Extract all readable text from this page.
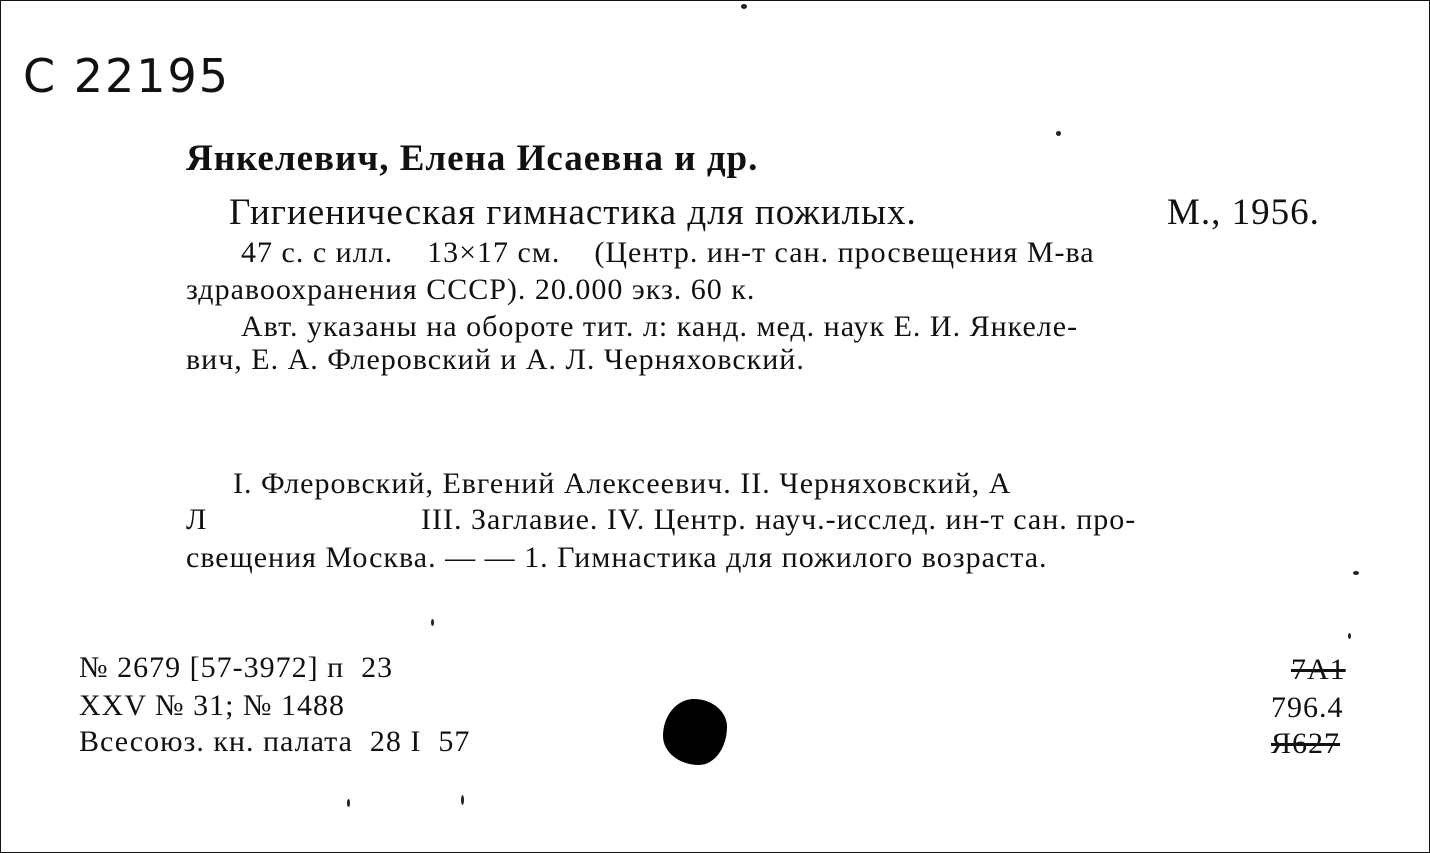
С 22195
Янкелевич, Елена Исаевна и др.
Гигиеническая гимнастика для пожилых.	М., 1956.
47 с. с илл.    13×17 см.    (Центр. ин-т сан. просвещения М-ва
здравоохранения СССР). 20.000 экз. 60 к.
Авт. указаны на обороте тит. л: канд. мед. наук Е. И. Янкеле-
вич, Е. А. Флеровский и А. Л. Черняховский.
I. Флеровский, Евгений Алексеевич. II. Черняховский, А
Л	III. Заглавие. IV. Центр. науч.-исслед. ин-т сан. про-
свещения Москва. — — 1. Гимнастика для пожилого возраста.
№ 2679 [57-3972] п  23
XXV № 31; № 1488
Всесоюз. кн. палата  28 I  57
7А1
796.4
Я627
